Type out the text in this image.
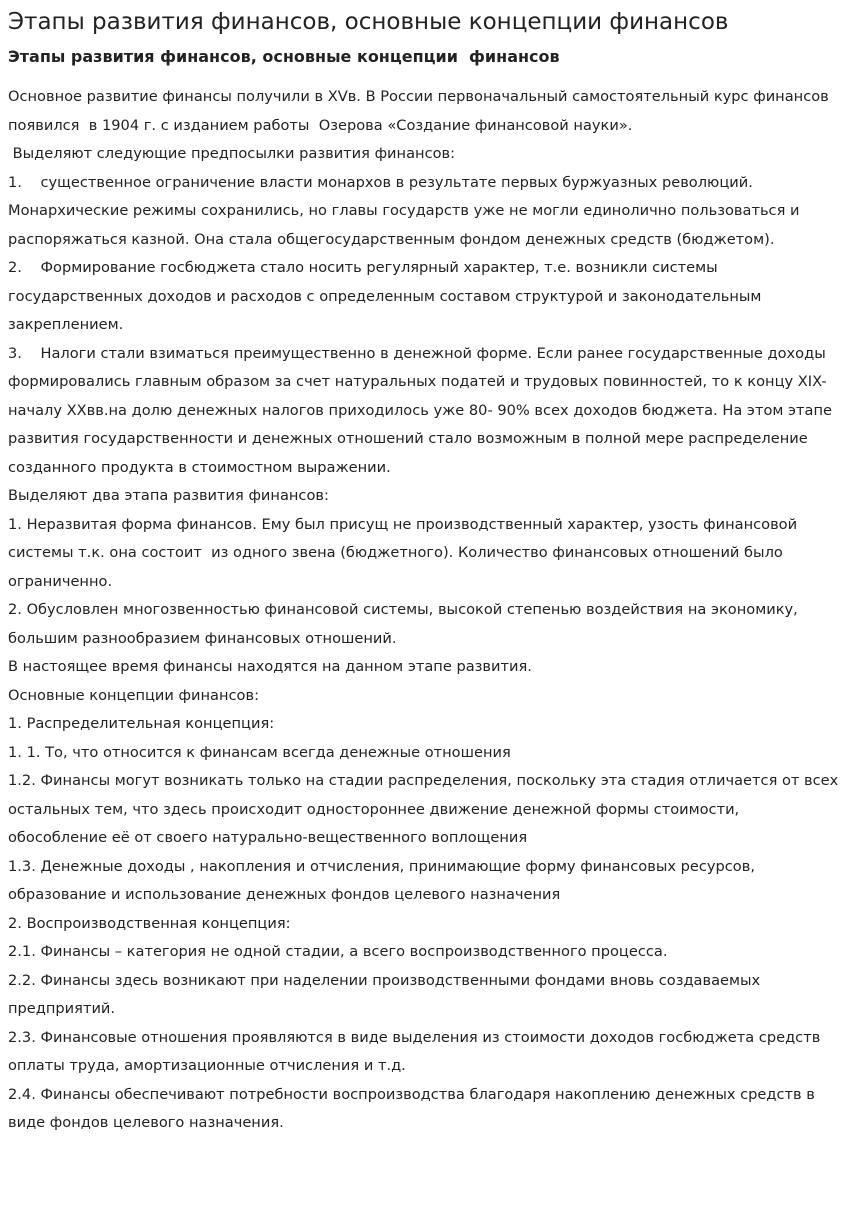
Этапы развития финансов, основные концепции финансов
Этапы развития финансов, основные концепции  финансов

Основное развитие финансы получили в XVв. В России первоначальный самостоятельный курс финансов появился  в 1904 г. с изданием работы  Озерова «Создание финансовой науки».

Выделяют следующие предпосылки развития финансов:

1.    существенное ограничение власти монархов в результате первых буржуазных революций. Монархические режимы сохранились, но главы государств уже не могли единолично пользоваться и распоряжаться казной. Она стала общегосударственным фондом денежных средств (бюджетом).

2.    Формирование госбюджета стало носить регулярный характер, т.е. возникли системы государственных доходов и расходов с определенным составом структурой и законодательным закреплением.

3.    Налоги стали взиматься преимущественно в денежной форме. Если ранее государственные доходы формировались главным образом за счет натуральных податей и трудовых повинностей, то к концу XIX- началу XXвв.на долю денежных налогов приходилось уже 80- 90% всех доходов бюджета. На этом этапе развития государственности и денежных отношений стало возможным в полной мере распределение созданного продукта в стоимостном выражении.

Выделяют два этапа развития финансов:

1. Неразвитая форма финансов. Ему был присущ не производственный характер, узость финансовой системы т.к. она состоит  из одного звена (бюджетного). Количество финансовых отношений было ограниченно.

2. Обусловлен многозвенностью финансовой системы, высокой степенью воздействия на экономику, большим разнообразием финансовых отношений.

В настоящее время финансы находятся на данном этапе развития.

Основные концепции финансов:

1. Распределительная концепция:

1. 1. То, что относится к финансам всегда денежные отношения

1.2. Финансы могут возникать только на стадии распределения, поскольку эта стадия отличается от всех остальных тем, что здесь происходит одностороннее движение денежной формы стоимости, обособление её от своего натурально-вещественного воплощения

1.3. Денежные доходы , накопления и отчисления, принимающие форму финансовых ресурсов, образование и использование денежных фондов целевого назначения

2. Воспроизводственная концепция:

2.1. Финансы – категория не одной стадии, а всего воспроизводственного процесса.

2.2. Финансы здесь возникают при наделении производственными фондами вновь создаваемых предприятий.

2.3. Финансовые отношения проявляются в виде выделения из стоимости доходов госбюджета средств оплаты труда, амортизационные отчисления и т.д.

2.4. Финансы обеспечивают потребности воспроизводства благодаря накоплению денежных средств в виде фондов целевого назначения.
